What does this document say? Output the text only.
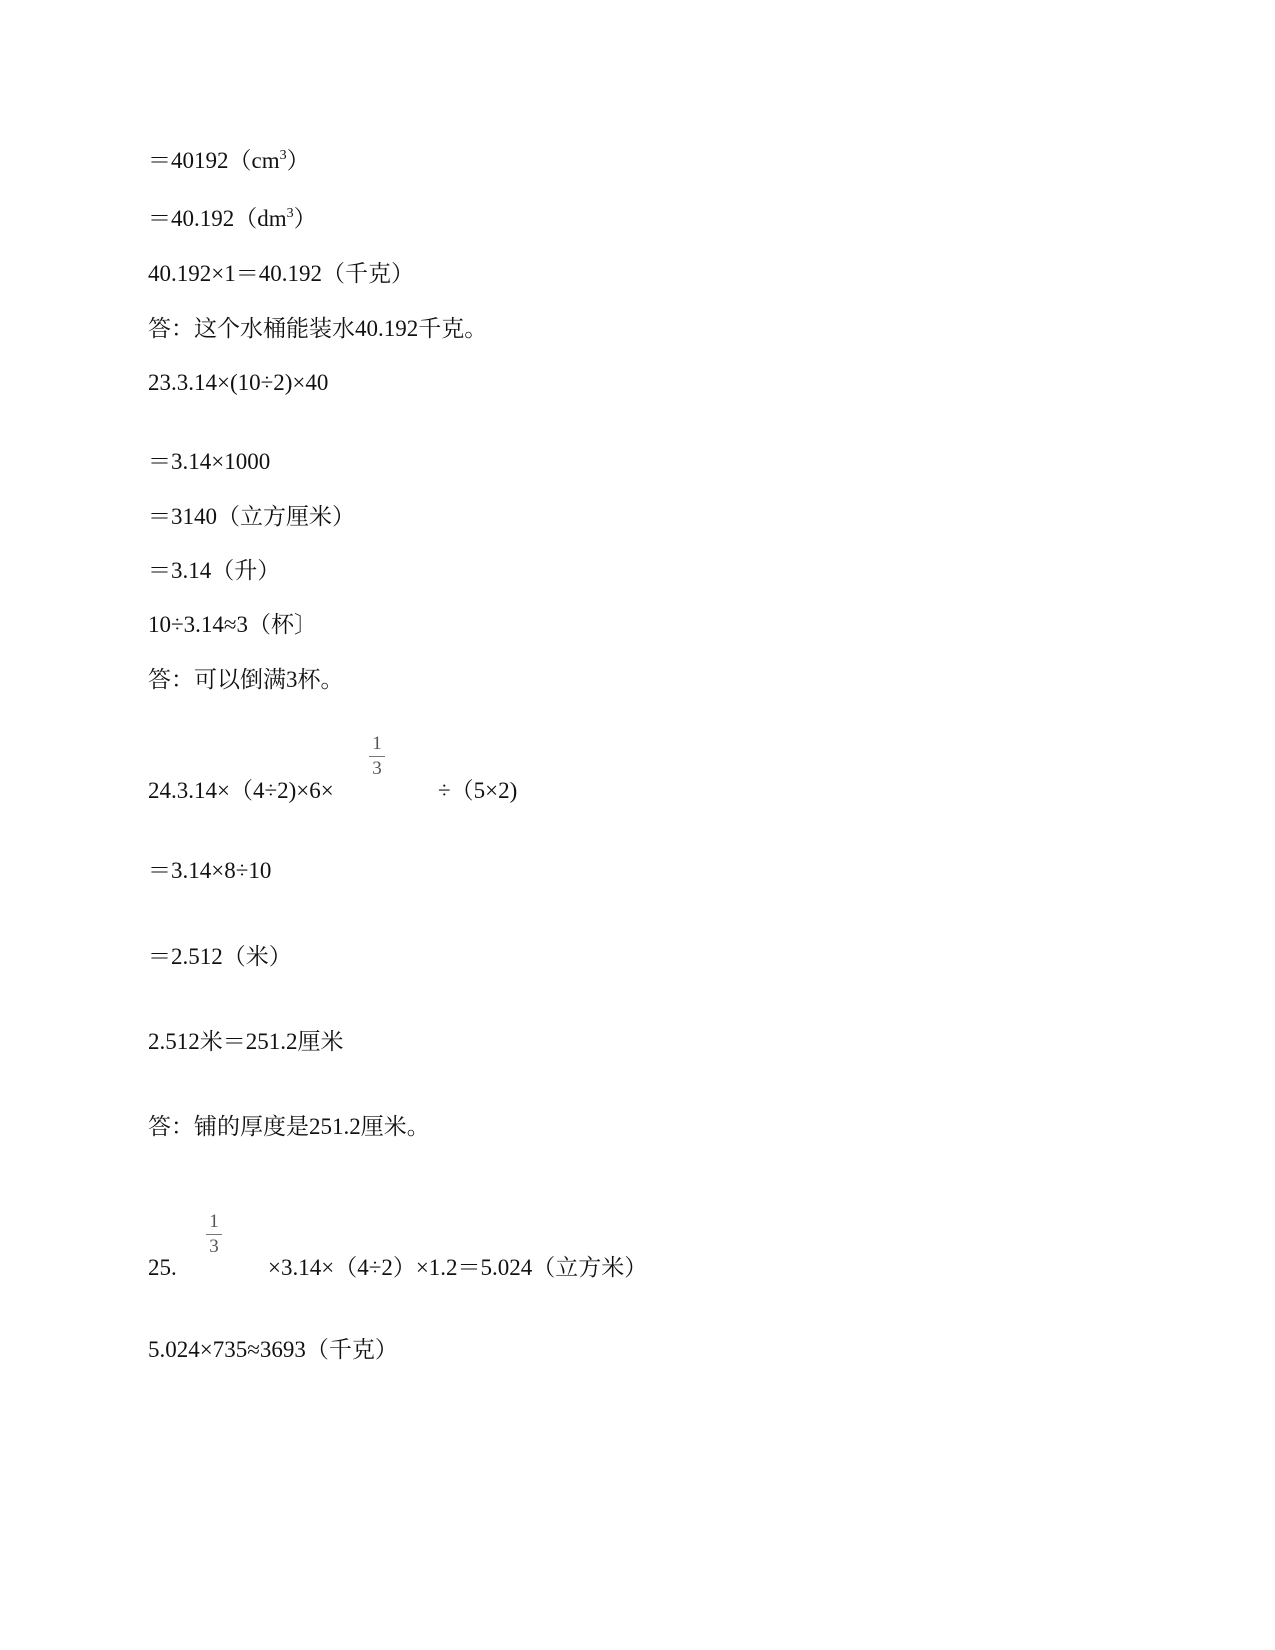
$=40192(cm^3)$
$=40.192(dm^3)$
40.192×1＝40.192（千克）
答：这个水桶能装水40.192千克。
23.3.14×(10÷2)×40
＝3.14×1000
＝3140（立方厘米）
＝3.14（升）
10÷3.14≈3（杯〕
答：可以倒满3杯。
24.3.14×（4÷2)×6×
1
3
÷（5×2)
＝3.14×8÷10
＝2.512（米）
2.512米＝251.2厘米
答：铺的厚度是251.2厘米。
25.
1
3
×3.14×（4÷2）×1.2＝5.024（立方米）
5.024×735≈3693（千克）
